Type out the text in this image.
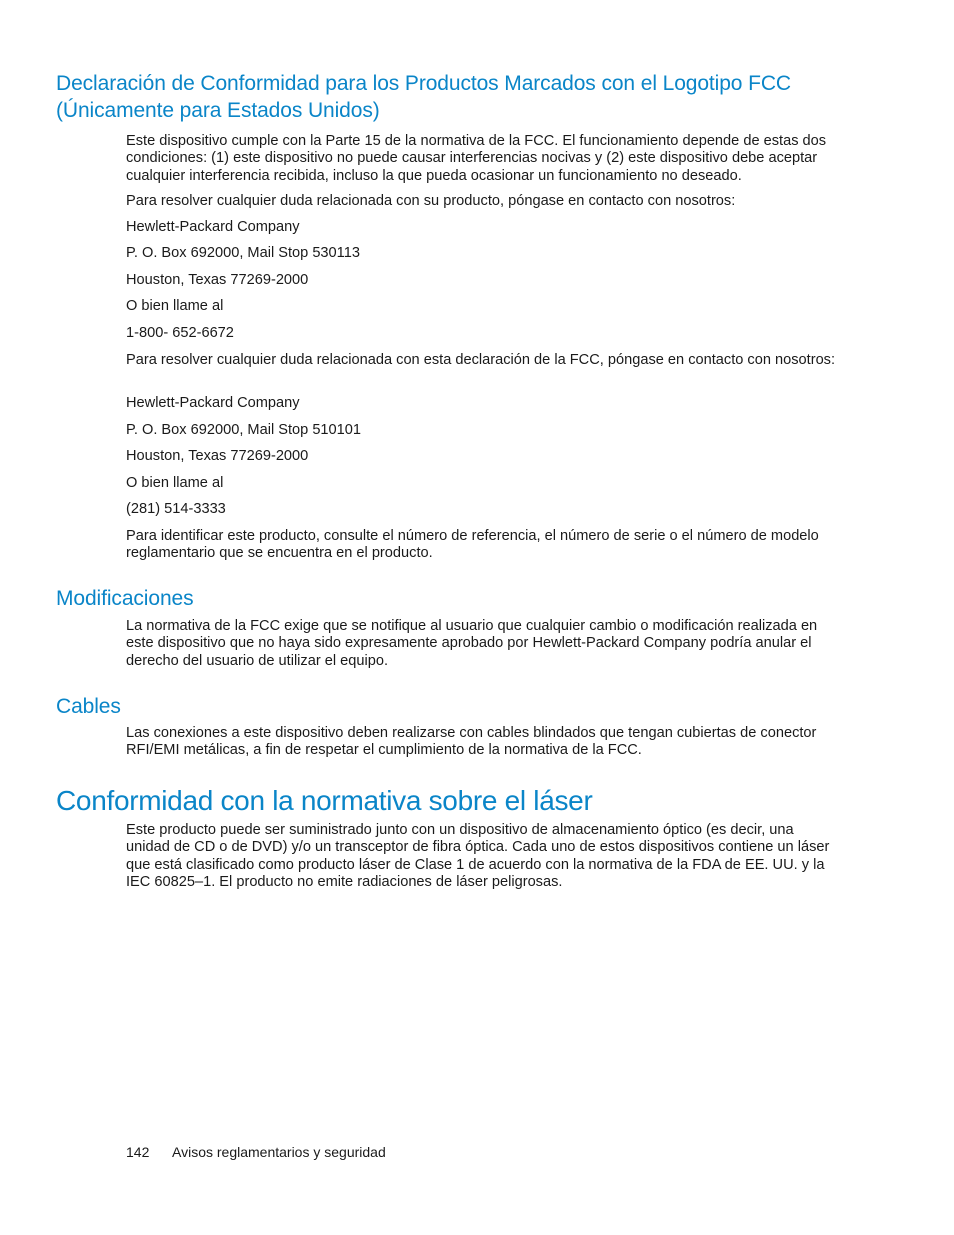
Declaración de Conformidad para los Productos Marcados con el Logotipo FCC (Únicamente para Estados Unidos)

Este dispositivo cumple con la Parte 15 de la normativa de la FCC. El funcionamiento depende de estas dos condiciones: (1) este dispositivo no puede causar interferencias nocivas y (2) este dispositivo debe aceptar cualquier interferencia recibida, incluso la que pueda ocasionar un funcionamiento no deseado.

Para resolver cualquier duda relacionada con su producto, póngase en contacto con nosotros:

Hewlett-Packard Company

P. O. Box 692000, Mail Stop 530113

Houston, Texas 77269-2000

O bien llame al

1-800- 652-6672

Para resolver cualquier duda relacionada con esta declaración de la FCC, póngase en contacto con nosotros:

Hewlett-Packard Company

P. O. Box 692000, Mail Stop 510101

Houston, Texas 77269-2000

O bien llame al

(281) 514-3333

Para identificar este producto, consulte el número de referencia, el número de serie o el número de modelo reglamentario que se encuentra en el producto.

Modificaciones

La normativa de la FCC exige que se notifique al usuario que cualquier cambio o modificación realizada en este dispositivo que no haya sido expresamente aprobado por Hewlett-Packard Company podría anular el derecho del usuario de utilizar el equipo.

Cables

Las conexiones a este dispositivo deben realizarse con cables blindados que tengan cubiertas de conector RFI/EMI metálicas, a fin de respetar el cumplimiento de la normativa de la FCC.

Conformidad con la normativa sobre el láser

Este producto puede ser suministrado junto con un dispositivo de almacenamiento óptico (es decir, una unidad de CD o de DVD) y/o un transceptor de fibra óptica. Cada uno de estos dispositivos contiene un láser que está clasificado como producto láser de Clase 1 de acuerdo con la normativa de la FDA de EE. UU. y la IEC 60825–1. El producto no emite radiaciones de láser peligrosas.

142 Avisos reglamentarios y seguridad
